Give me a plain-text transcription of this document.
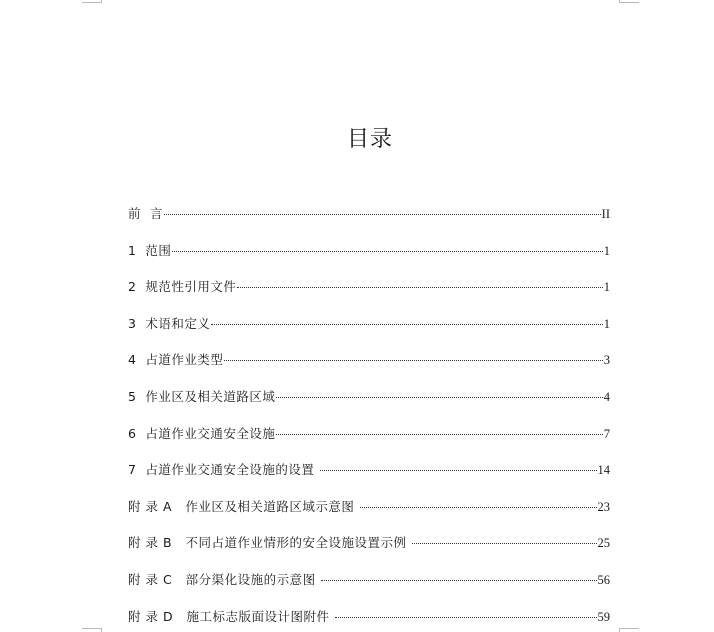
目录
前  言	II
1  范围	1
2  规范性引用文件	1
3  术语和定义	1
4  占道作业类型	3
5  作业区及相关道路区域	4
6  占道作业交通安全设施	7
7  占道作业交通安全设施的设置	14
附 录 A   作业区及相关道路区域示意图	23
附 录 B   不同占道作业情形的安全设施设置示例	25
附 录 C   部分渠化设施的示意图	56
附 录 D   施工标志版面设计图附件	59
